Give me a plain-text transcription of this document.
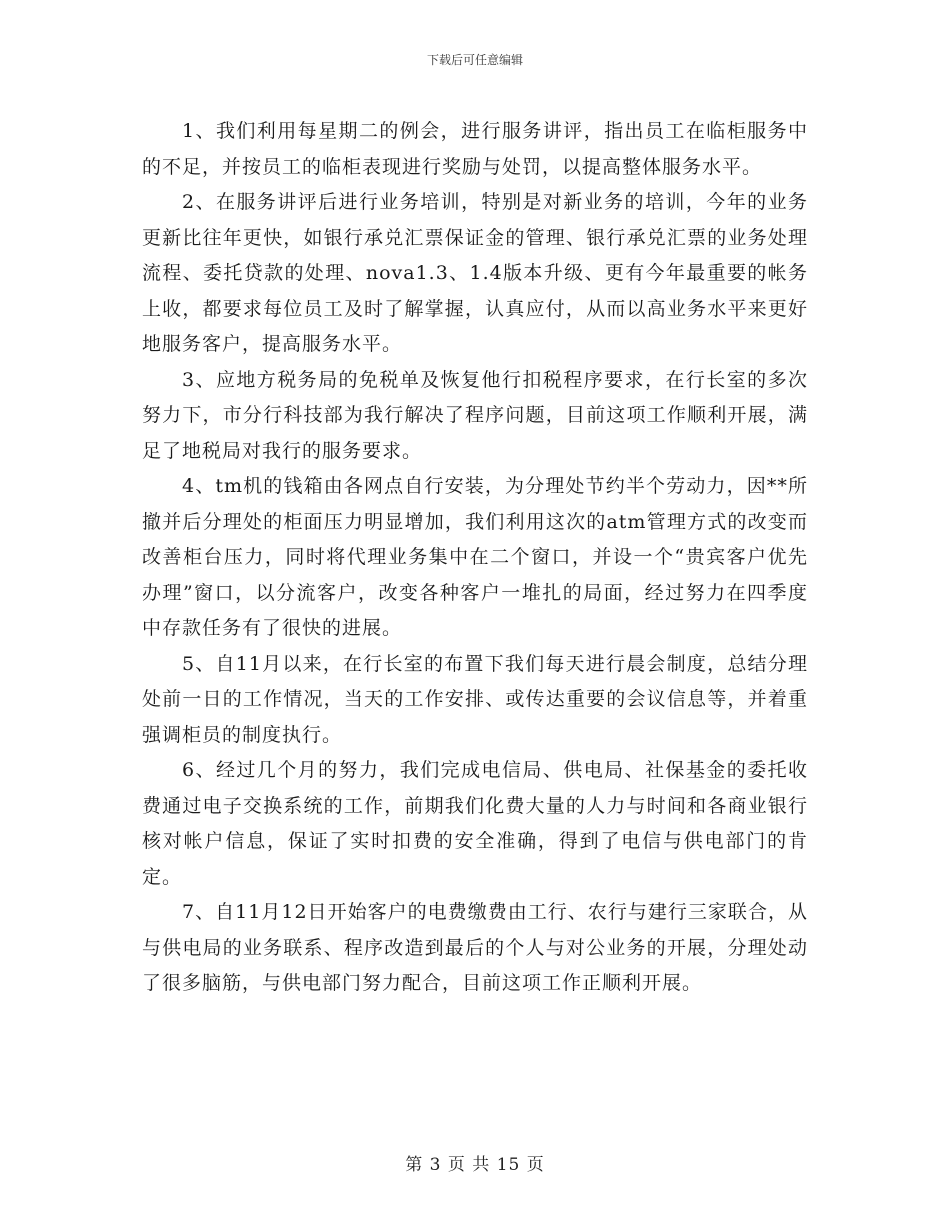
下载后可任意编辑

1、我们利用每星期二的例会，进行服务讲评，指出员工在临柜服务中的不足，并按员工的临柜表现进行奖励与处罚，以提高整体服务水平。

2、在服务讲评后进行业务培训，特别是对新业务的培训，今年的业务更新比往年更快，如银行承兑汇票保证金的管理、银行承兑汇票的业务处理流程、委托贷款的处理、nova1.3、1.4版本升级、更有今年最重要的帐务上收，都要求每位员工及时了解掌握，认真应付，从而以高业务水平来更好地服务客户，提高服务水平。

3、应地方税务局的免税单及恢复他行扣税程序要求，在行长室的多次努力下，市分行科技部为我行解决了程序问题，目前这项工作顺利开展，满足了地税局对我行的服务要求。

4、tm机的钱箱由各网点自行安装，为分理处节约半个劳动力，因**所撤并后分理处的柜面压力明显增加，我们利用这次的atm管理方式的改变而改善柜台压力，同时将代理业务集中在二个窗口，并设一个“贵宾客户优先办理”窗口，以分流客户，改变各种客户一堆扎的局面，经过努力在四季度中存款任务有了很快的进展。

5、自11月以来，在行长室的布置下我们每天进行晨会制度，总结分理处前一日的工作情况，当天的工作安排、或传达重要的会议信息等，并着重强调柜员的制度执行。

6、经过几个月的努力，我们完成电信局、供电局、社保基金的委托收费通过电子交换系统的工作，前期我们化费大量的人力与时间和各商业银行核对帐户信息，保证了实时扣费的安全准确，得到了电信与供电部门的肯定。

7、自11月12日开始客户的电费缴费由工行、农行与建行三家联合，从与供电局的业务联系、程序改造到最后的个人与对公业务的开展，分理处动了很多脑筋，与供电部门努力配合，目前这项工作正顺利开展。

第 3 页 共 15 页
